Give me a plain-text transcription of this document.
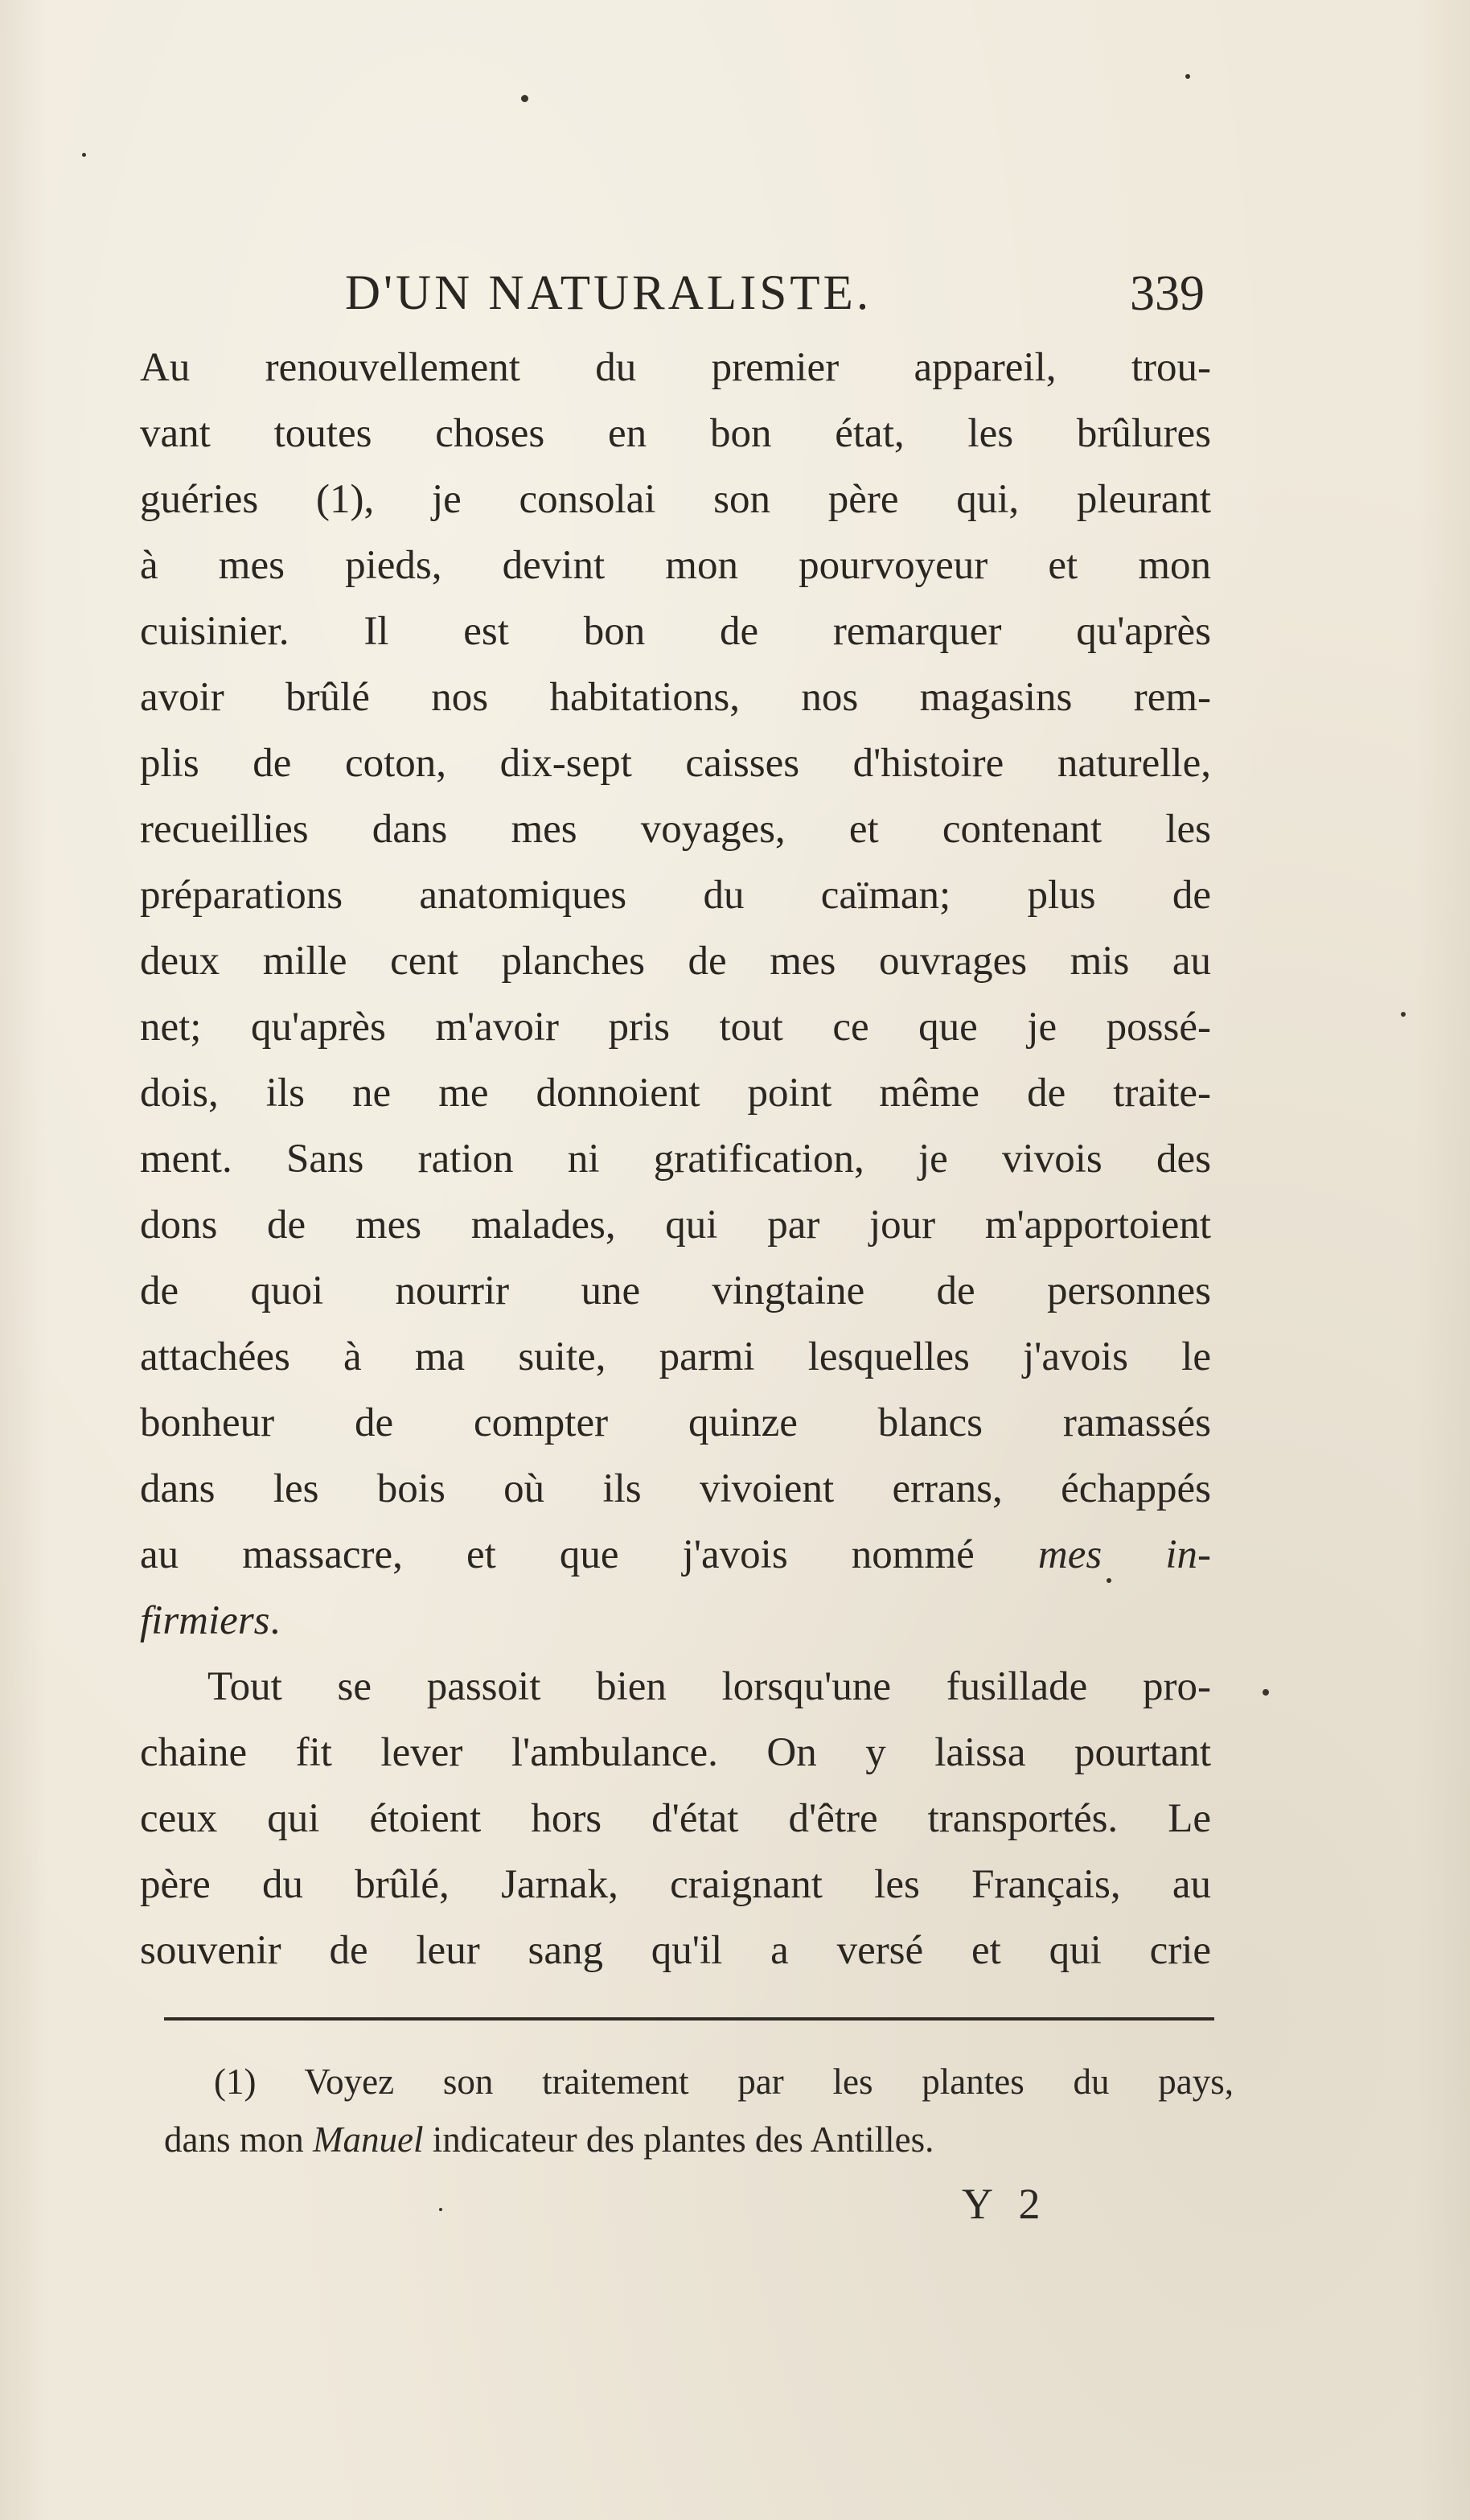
D'UN NATURALISTE.	339
Au renouvellement du premier appareil, trou-
vant toutes choses en bon état, les brûlures
guéries (1), je consolai son père qui, pleurant
à mes pieds, devint mon pourvoyeur et mon
cuisinier. Il est bon de remarquer qu'après
avoir brûlé nos habitations, nos magasins rem-
plis de coton, dix-sept caisses d'histoire naturelle,
recueillies dans mes voyages, et contenant les
préparations anatomiques du caïman; plus de
deux mille cent planches de mes ouvrages mis au
net; qu'après m'avoir pris tout ce que je possé-
dois, ils ne me donnoient point même de traite-
ment. Sans ration ni gratification, je vivois des
dons de mes malades, qui par jour m'apportoient
de quoi nourrir une vingtaine de personnes
attachées à ma suite, parmi lesquelles j'avois le
bonheur de compter quinze blancs ramassés
dans les bois où ils vivoient errans, échappés
au massacre, et que j'avois nommé mes in-
firmiers.
Tout se passoit bien lorsqu'une fusillade pro-
chaine fit lever l'ambulance. On y laissa pourtant
ceux qui étoient hors d'état d'être transportés. Le
père du brûlé, Jarnak, craignant les Français, au
souvenir de leur sang qu'il a versé et qui crie
(1) Voyez son traitement par les plantes du pays,
dans mon Manuel indicateur des plantes des Antilles.
Y 2
